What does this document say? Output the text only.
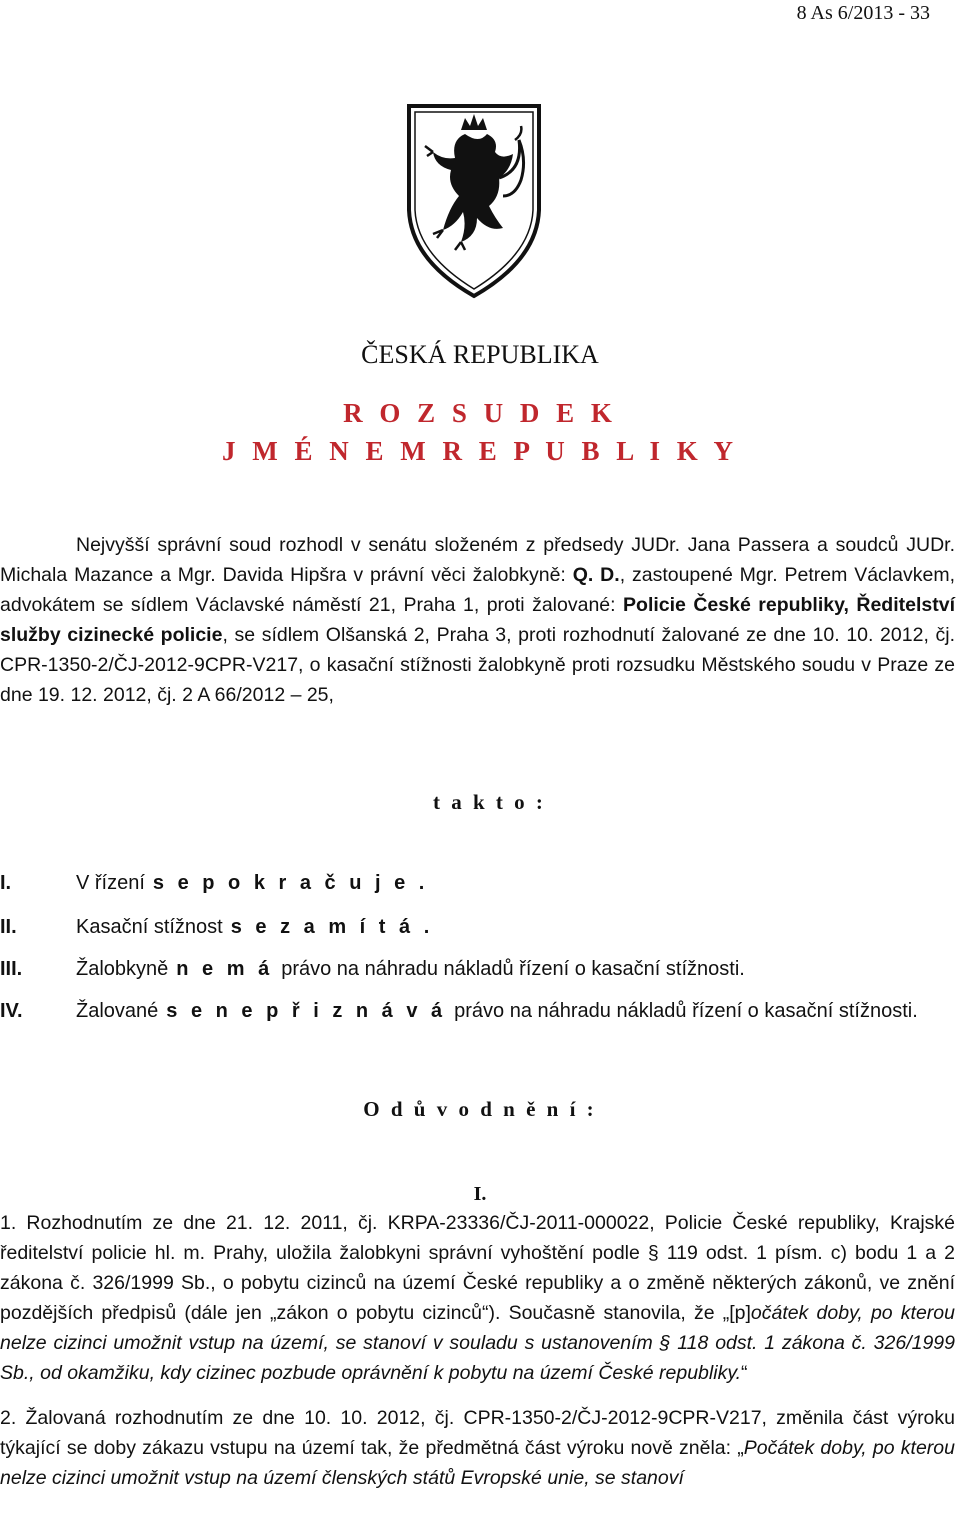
8 As 6/2013 - 33
ČESKÁ REPUBLIKA
R O Z S U D E K
J M É N E M R E P U B L I K Y

Nejvyšší správní soud rozhodl v senátu složeném z předsedy JUDr. Jana Passera a soudců JUDr. Michala Mazance a Mgr. Davida Hipšra v právní věci žalobkyně: Q. D., zastoupené Mgr. Petrem Václavkem, advokátem se sídlem Václavské náměstí 21, Praha 1, proti žalované: Policie České republiky, Ředitelství služby cizinecké policie, se sídlem Olšanská 2, Praha 3, proti rozhodnutí žalované ze dne 10. 10. 2012, čj. CPR-1350-2/ČJ-2012-9CPR-V217, o kasační stížnosti žalobkyně proti rozsudku Městského soudu v Praze ze dne 19. 12. 2012, čj. 2 A 66/2012 – 25,

t a k t o :
I.	V řízení s e p o k r a č u j e .
II.	Kasační stížnost s e z a m í t á .
III.	Žalobkyně n e m á právo na náhradu nákladů řízení o kasační stížnosti.
IV.	Žalované s e n e p ř i z n á v á právo na náhradu nákladů řízení o kasační stížnosti.
O d ů v o d n ě n í :
I.

1. Rozhodnutím ze dne 21. 12. 2011, čj. KRPA-23336/ČJ-2011-000022, Policie České republiky, Krajské ředitelství policie hl. m. Prahy, uložila žalobkyni správní vyhoštění podle § 119 odst. 1 písm. c) bodu 1 a 2 zákona č. 326/1999 Sb., o pobytu cizinců na území České republiky a o změně některých zákonů, ve znění pozdějších předpisů (dále jen „zákon o pobytu cizinců“). Současně stanovila, že „[p]očátek doby, po kterou nelze cizinci umožnit vstup na území, se stanoví v souladu s ustanovením § 118 odst. 1 zákona č. 326/1999 Sb., od okamžiku, kdy cizinec pozbude oprávnění k pobytu na území České republiky.“

2. Žalovaná rozhodnutím ze dne 10. 10. 2012, čj. CPR-1350-2/ČJ-2012-9CPR-V217, změnila část výroku týkající se doby zákazu vstupu na území tak, že předmětná část výroku nově zněla: „Počátek doby, po kterou nelze cizinci umožnit vstup na území členských států Evropské unie, se stanoví
